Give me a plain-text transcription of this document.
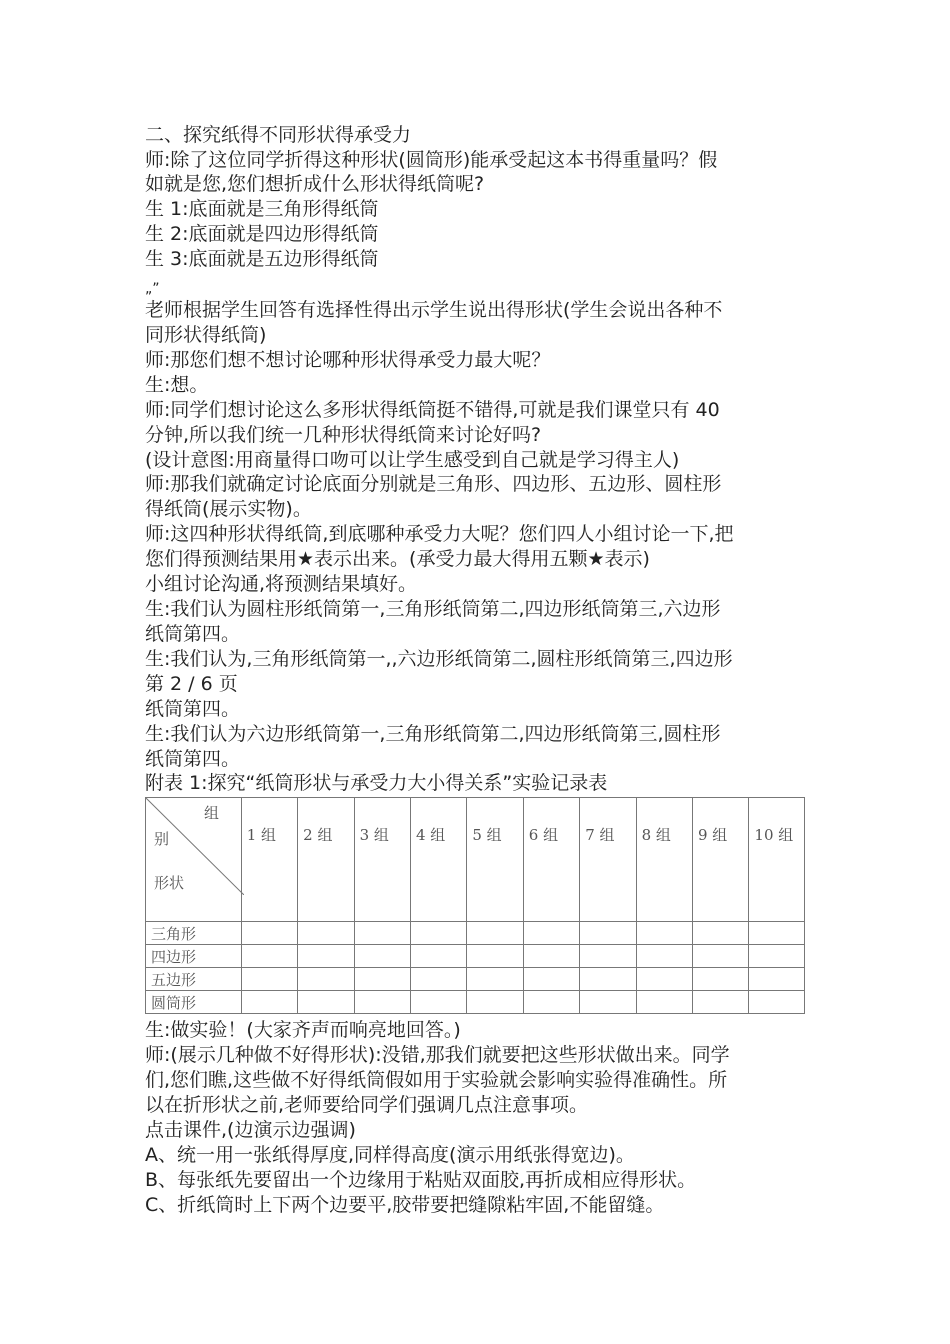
二、探究纸得不同形状得承受力
师:除了这位同学折得这种形状(圆筒形)能承受起这本书得重量吗？假
如就是您,您们想折成什么形状得纸筒呢?
生 1:底面就是三角形得纸筒
生 2:底面就是四边形得纸筒
生 3:底面就是五边形得纸筒
老师根据学生回答有选择性得出示学生说出得形状(学生会说出各种不
同形状得纸筒)
师:那您们想不想讨论哪种形状得承受力最大呢？
生:想。
师:同学们想讨论这么多形状得纸筒挺不错得,可就是我们课堂只有 40
分钟,所以我们统一几种形状得纸筒来讨论好吗?
(设计意图:用商量得口吻可以让学生感受到自己就是学习得主人)
师:那我们就确定讨论底面分别就是三角形、四边形、五边形、圆柱形
得纸筒(展示实物)。
师:这四种形状得纸筒,到底哪种承受力大呢？您们四人小组讨论一下,把
您们得预测结果用★表示出来。(承受力最大得用五颗★表示)
小组讨论沟通,将预测结果填好。
生:我们认为圆柱形纸筒第一,三角形纸筒第二,四边形纸筒第三,六边形
纸筒第四。
生:我们认为,三角形纸筒第一,,六边形纸筒第二,圆柱形纸筒第三,四边形
第 2 / 6 页
纸筒第四。
生:我们认为六边形纸筒第一,三角形纸筒第二,四边形纸筒第三,圆柱形
纸筒第四。
附表 1:探究“纸筒形状与承受力大小得关系”实验记录表
生:做实验！(大家齐声而响亮地回答。)
师:(展示几种做不好得形状):没错,那我们就要把这些形状做出来。同学
们,您们瞧,这些做不好得纸筒假如用于实验就会影响实验得准确性。所
以在折形状之前,老师要给同学们强调几点注意事项。
点击课件,(边演示边强调)
A、统一用一张纸得厚度,同样得高度(演示用纸张得宽边)。
B、每张纸先要留出一个边缘用于粘贴双面胶,再折成相应得形状。
C、折纸筒时上下两个边要平,胶带要把缝隙粘牢固,不能留缝。
„”
组
别
形状	1 组	2 组	3 组	4 组	5 组	6 组	7 组	8 组	9 组	10 组
三角形										
四边形										
五边形										
圆筒形										
